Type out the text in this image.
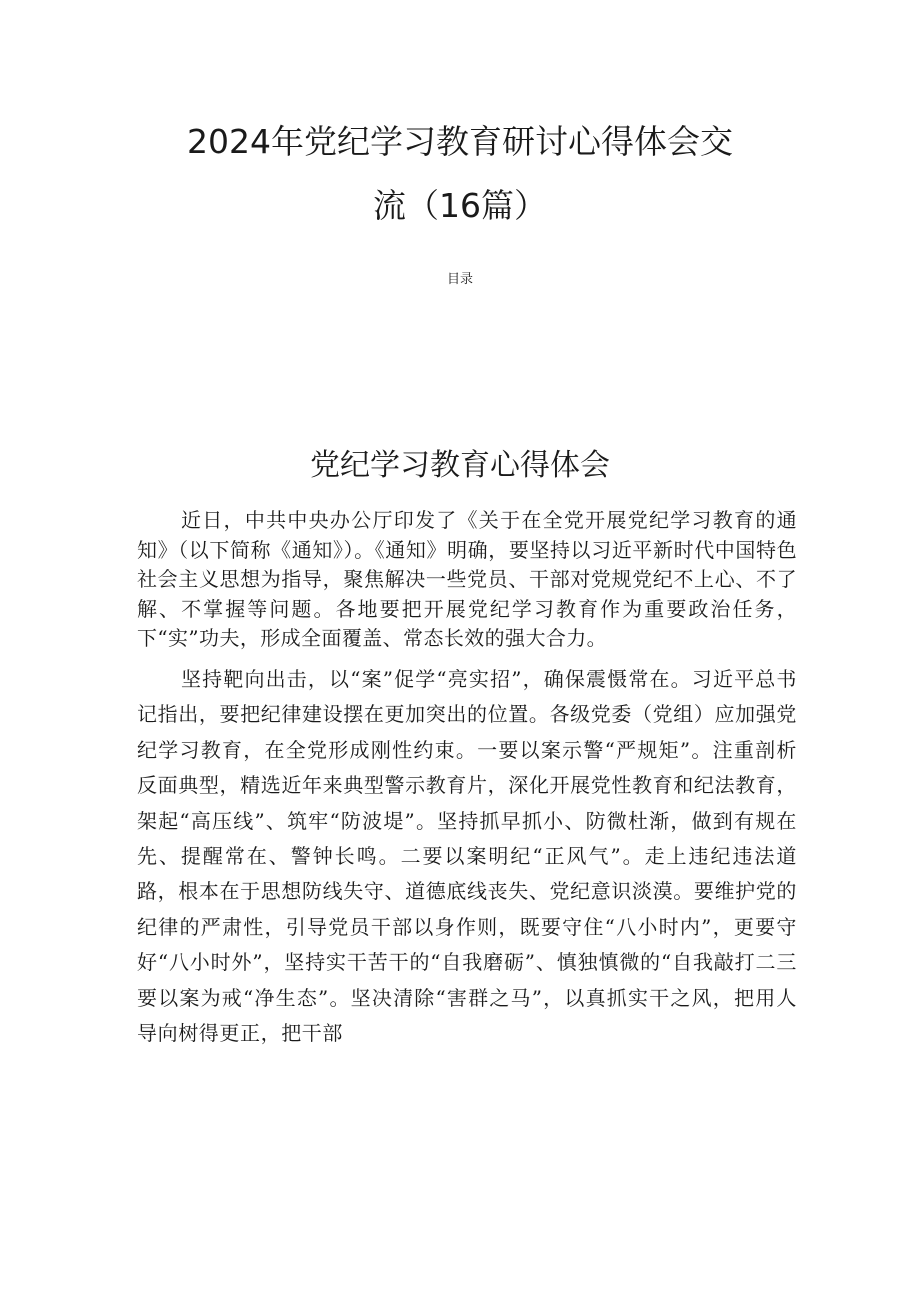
2024年党纪学习教育研讨心得体会交
流（16篇）

目录

党纪学习教育心得体会

近日，中共中央办公厅印发了《关于在全党开展党纪学习教育的通知》（以下简称《通知》）。《通知》明确，要坚持以习近平新时代中国特色社会主义思想为指导，聚焦解决一些党员、干部对党规党纪不上心、不了解、不掌握等问题。各地要把开展党纪学习教育作为重要政治任务，下“实”功夫，形成全面覆盖、常态长效的强大合力。

坚持靶向出击，以“案”促学“亮实招”，确保震慑常在。习近平总书记指出，要把纪律建设摆在更加突出的位置。各级党委（党组）应加强党纪学习教育，在全党形成刚性约束。一要以案示警“严规矩”。注重剖析反面典型，精选近年来典型警示教育片，深化开展党性教育和纪法教育，架起“高压线”、筑牢“防波堤”。坚持抓早抓小、防微杜渐，做到有规在先、提醒常在、警钟长鸣。二要以案明纪“正风气”。走上违纪违法道路，根本在于思想防线失守、道德底线丧失、党纪意识淡漠。要维护党的纪律的严肃性，引导党员干部以身作则，既要守住“八小时内”，更要守好“八小时外”，坚持实干苦干的“自我磨砺”、慎独慎微的“自我敲打二三要以案为戒“净生态”。坚决清除“害群之马”，以真抓实干之风，把用人导向树得更正，把干部
